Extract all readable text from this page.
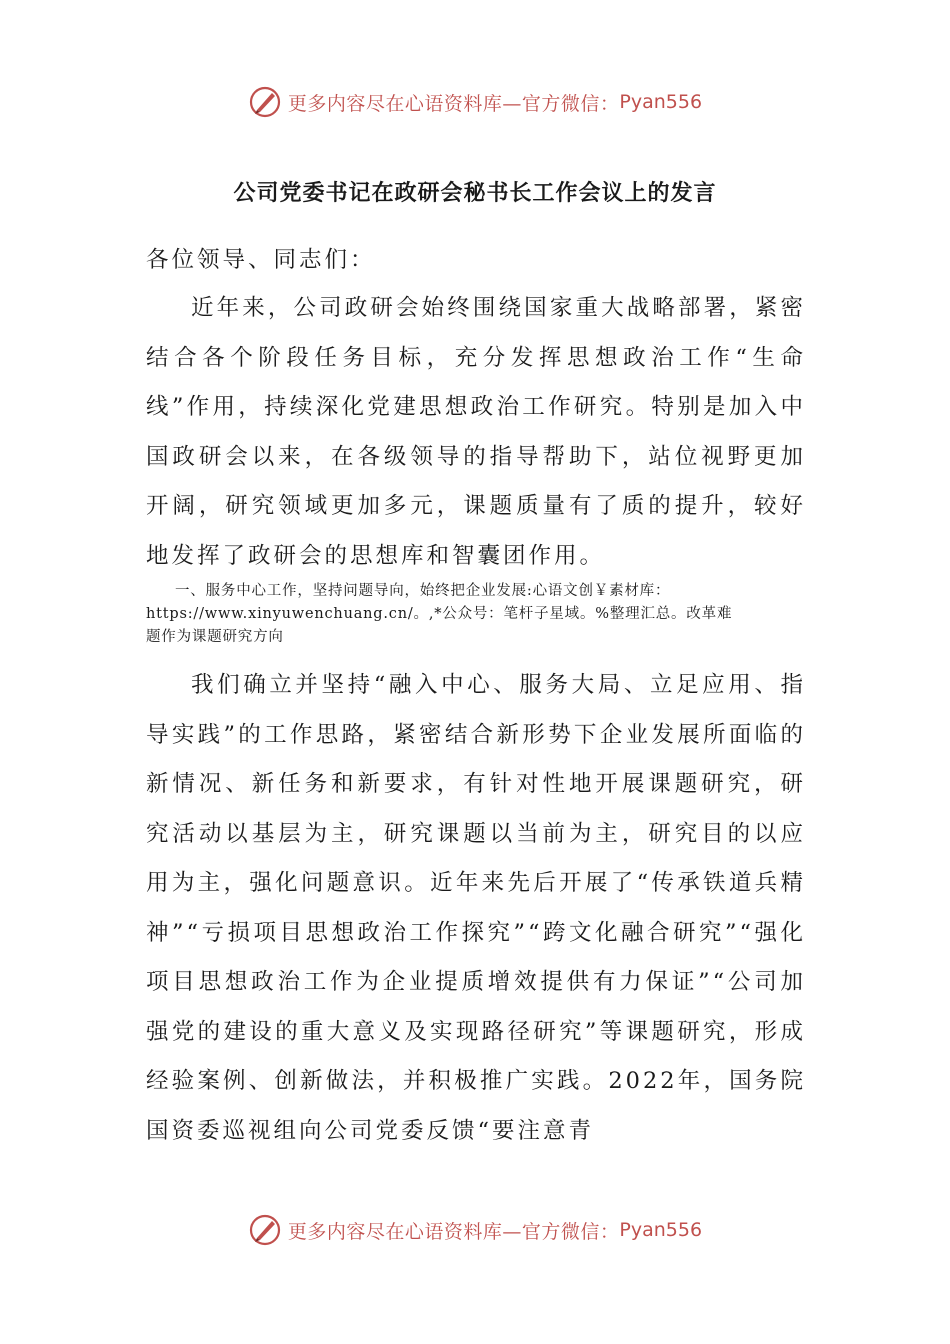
更多内容尽在心语资料库—官方微信： Pyan556
公司党委书记在政研会秘书长工作会议上的发言
各位领导、同志们：

近年来，公司政研会始终围绕国家重大战略部署，紧密结合各个阶段任务目标，充分发挥思想政治工作“生命线”作用，持续深化党建思想政治工作研究。特别是加入中国政研会以来，在各级领导的指导帮助下，站位视野更加开阔，研究领域更加多元，课题质量有了质的提升，较好地发挥了政研会的思想库和智囊团作用。

一、服务中心工作，坚持问题导向，始终把企业发展:心语文创￥素材库：
https://www.xinyuwenchuang.cn/。,*公众号：笔杆子星域。%整理汇总。改革难
题作为课题研究方向

我们确立并坚持“融入中心、服务大局、立足应用、指导实践”的工作思路，紧密结合新形势下企业发展所面临的新情况、新任务和新要求，有针对性地开展课题研究，研究活动以基层为主，研究课题以当前为主，研究目的以应用为主，强化问题意识。近年来先后开展了“传承铁道兵精神”“亏损项目思想政治工作探究”“跨文化融合研究”“强化项目思想政治工作为企业提质增效提供有力保证”“公司加强党的建设的重大意义及实现路径研究”等课题研究，形成经验案例、创新做法，并积极推广实践。2022年，国务院国资委巡视组向公司党委反馈“要注意青

更多内容尽在心语资料库—官方微信： Pyan556
